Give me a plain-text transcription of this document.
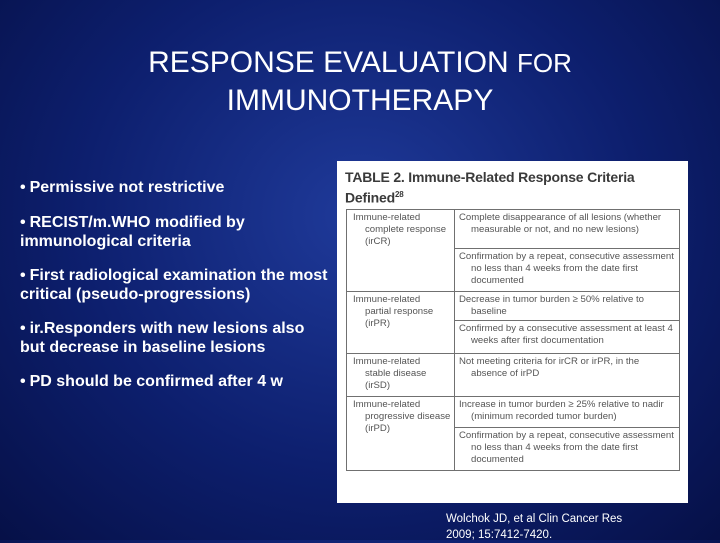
RESPONSE EVALUATION FOR
IMMUNOTHERAPY
• Permissive not restrictive
• RECIST/m.WHO modified by immunological criteria
• First radiological examination the most critical (pseudo-progressions)
• ir.Responders with new lesions also but decrease in baseline lesions
• PD should be confirmed after 4 w
TABLE 2. Immune-Related Response Criteria
Defined$^{28}$
Immune-related
complete response
(irCR)	Complete disappearance of all lesions (whether
measurable or not, and no new lesions)

	Confirmation by a repeat, consecutive assessment
no less than 4 weeks from the date first
documented

Immune-related
partial response
(irPR)	Decrease in tumor burden ≥ 50% relative to
baseline

	Confirmed by a consecutive assessment at least 4
weeks after first documentation

Immune-related
stable disease
(irSD)	Not meeting criteria for irCR or irPR, in the
absence of irPD

Immune-related
progressive disease
(irPD)	Increase in tumor burden ≥ 25% relative to nadir
(minimum recorded tumor burden)

	Confirmation by a repeat, consecutive assessment
no less than 4 weeks from the date first
documented
Wolchok JD, et al Clin Cancer Res
2009; 15:7412-7420.
